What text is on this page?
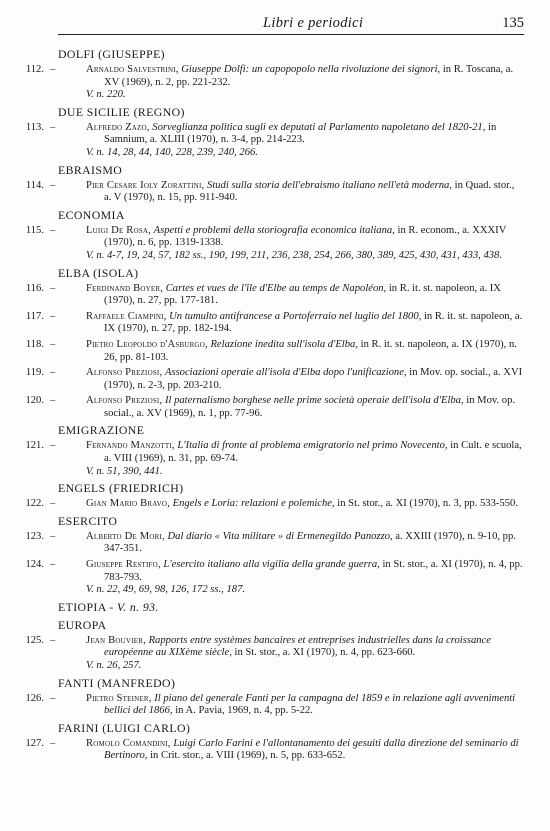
Libri e periodici	135
DOLFI (GIUSEPPE)
112. –	Arnaldo Salvestrini, Giuseppe Dolfi: un capopopolo nella rivoluzione dei signori, in R. Toscana, a. XV (1969), n. 2, pp. 221-232.
V. n. 220.
DUE SICILIE (REGNO)
113. –	Alfredo Zazo, Sorveglianza politica sugli ex deputati al Parlamento napoletano del 1820-21, in Samnium, a. XLIII (1970), n. 3-4, pp. 214-223.
V. n. 14, 28, 44, 140, 228, 239, 240, 266.
EBRAISMO
114. –	Pier Cesare Ioly Zorattini, Studi sulla storia dell'ebraismo italiano nell'età moderna, in Quad. stor., a. V (1970), n. 15, pp. 911-940.
ECONOMIA
115. –	Luigi De Rosa, Aspetti e problemi della storiografia economica italiana, in R. econom., a. XXXIV (1970), n. 6, pp. 1319-1338.
V. n. 4-7, 19, 24, 57, 182 ss., 190, 199, 211, 236, 238, 254, 266, 380, 389, 425, 430, 431, 433, 438.
ELBA (ISOLA)
116. –	Ferdinand Boyer, Cartes et vues de l'île d'Elbe au temps de Napoléon, in R. it. st. napoleon, a. IX (1970), n. 27, pp. 177-181.
117. –	Raffaele Ciampini, Un tumulto antifrancese a Portoferraio nel luglio del 1800, in R. it. st. napoleon, a. IX (1970), n. 27, pp. 182-194.
118. –	Pietro Leopoldo d'Asburgo, Relazione inedita sull'isola d'Elba, in R. it. st. napoleon, a. IX (1970), n. 26, pp. 81-103.
119. –	Alfonso Preziosi, Associazioni operaie all'isola d'Elba dopo l'unificazione, in Mov. op. social., a. XVI (1970), n. 2-3, pp. 203-210.
120. –	Alfonso Preziosi, Il paternalismo borghese nelle prime società operaie dell'isola d'Elba, in Mov. op. social., a. XV (1969), n. 1, pp. 77-96.
EMIGRAZIONE
121. –	Fernando Manzotti, L'Italia di fronte al problema emigratorio nel primo Novecento, in Cult. e scuola, a. VIII (1969), n. 31, pp. 69-74.
V. n. 51, 390, 441.
ENGELS (FRIEDRICH)
122. –	Gian Mario Bravo, Engels e Loria: relazioni e polemiche, in St. stor., a. XI (1970), n. 3, pp. 533-550.
ESERCITO
123. –	Alberto De Mori, Dal diario « Vita militare » di Ermenegildo Panozzo, a. XXIII (1970), n. 9-10, pp. 347-351.
124. –	Giuseppe Restifo, L'esercito italiano alla vigilia della grande guerra, in St. stor., a. XI (1970), n. 4, pp. 783-793.
V. n. 22, 49, 69, 98, 126, 172 ss., 187.
ETIOPIA - V. n. 93.
EUROPA
125. –	Jean Bouvier, Rapports entre systèmes bancaires et entreprises industrielles dans la croissance européenne au XIXème siècle, in St. stor., a. XI (1970), n. 4, pp. 623-660.
V. n. 26, 257.
FANTI (MANFREDO)
126. –	Pietro Steiner, Il piano del generale Fanti per la campagna del 1859 e in relazione agli avvenimenti bellici del 1866, in A. Pavia, 1969, n. 4, pp. 5-22.
FARINI (LUIGI CARLO)
127. –	Romolo Comandini, Luigi Carlo Farini e l'allontanamento dei gesuiti dalla direzione del seminario di Bertinoro, in Crit. stor., a. VIII (1969), n. 5, pp. 633-652.
